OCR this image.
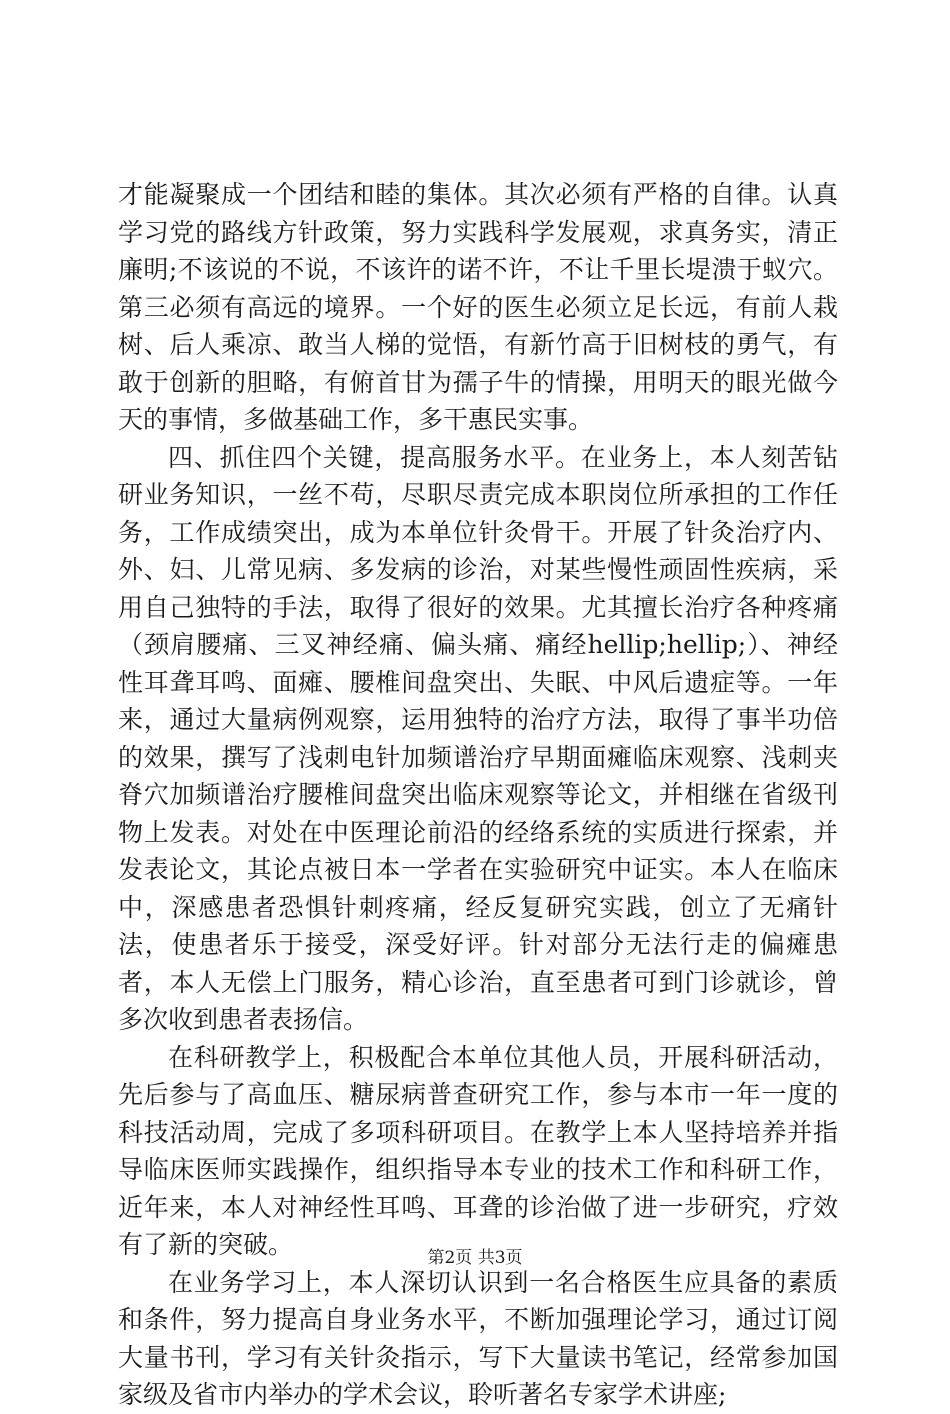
才能凝聚成一个团结和睦的集体。其次必须有严格的自律。认真学习党的路线方针政策，努力实践科学发展观，求真务实，清正廉明;不该说的不说，不该许的诺不许，不让千里长堤溃于蚁穴。第三必须有高远的境界。一个好的医生必须立足长远，有前人栽树、后人乘凉、敢当人梯的觉悟，有新竹高于旧树枝的勇气，有敢于创新的胆略，有俯首甘为孺子牛的情操，用明天的眼光做今天的事情，多做基础工作，多干惠民实事。

四、抓住四个关键，提高服务水平。在业务上，本人刻苦钻研业务知识，一丝不苟，尽职尽责完成本职岗位所承担的工作任务，工作成绩突出，成为本单位针灸骨干。开展了针灸治疗内、外、妇、儿常见病、多发病的诊治，对某些慢性顽固性疾病，采用自己独特的手法，取得了很好的效果。尤其擅长治疗各种疼痛（颈肩腰痛、三叉神经痛、偏头痛、痛经hellip;hellip;）、神经性耳聋耳鸣、面瘫、腰椎间盘突出、失眠、中风后遗症等。一年来，通过大量病例观察，运用独特的治疗方法，取得了事半功倍的效果，撰写了浅刺电针加频谱治疗早期面瘫临床观察、浅刺夹脊穴加频谱治疗腰椎间盘突出临床观察等论文，并相继在省级刊物上发表。对处在中医理论前沿的经络系统的实质进行探索，并发表论文，其论点被日本一学者在实验研究中证实。本人在临床中，深感患者恐惧针刺疼痛，经反复研究实践，创立了无痛针法，使患者乐于接受，深受好评。针对部分无法行走的偏瘫患者，本人无偿上门服务，精心诊治，直至患者可到门诊就诊，曾多次收到患者表扬信。

在科研教学上，积极配合本单位其他人员，开展科研活动，先后参与了高血压、糖尿病普查研究工作，参与本市一年一度的科技活动周，完成了多项科研项目。在教学上本人坚持培养并指导临床医师实践操作，组织指导本专业的技术工作和科研工作，近年来，本人对神经性耳鸣、耳聋的诊治做了进一步研究，疗效有了新的突破。

在业务学习上，本人深切认识到一名合格医生应具备的素质和条件，努力提高自身业务水平，不断加强理论学习，通过订阅大量书刊，学习有关针灸指示，写下大量读书笔记，经常参加国家级及省市内举办的学术会议，聆听著名专家学术讲座;

第2页 共3页
